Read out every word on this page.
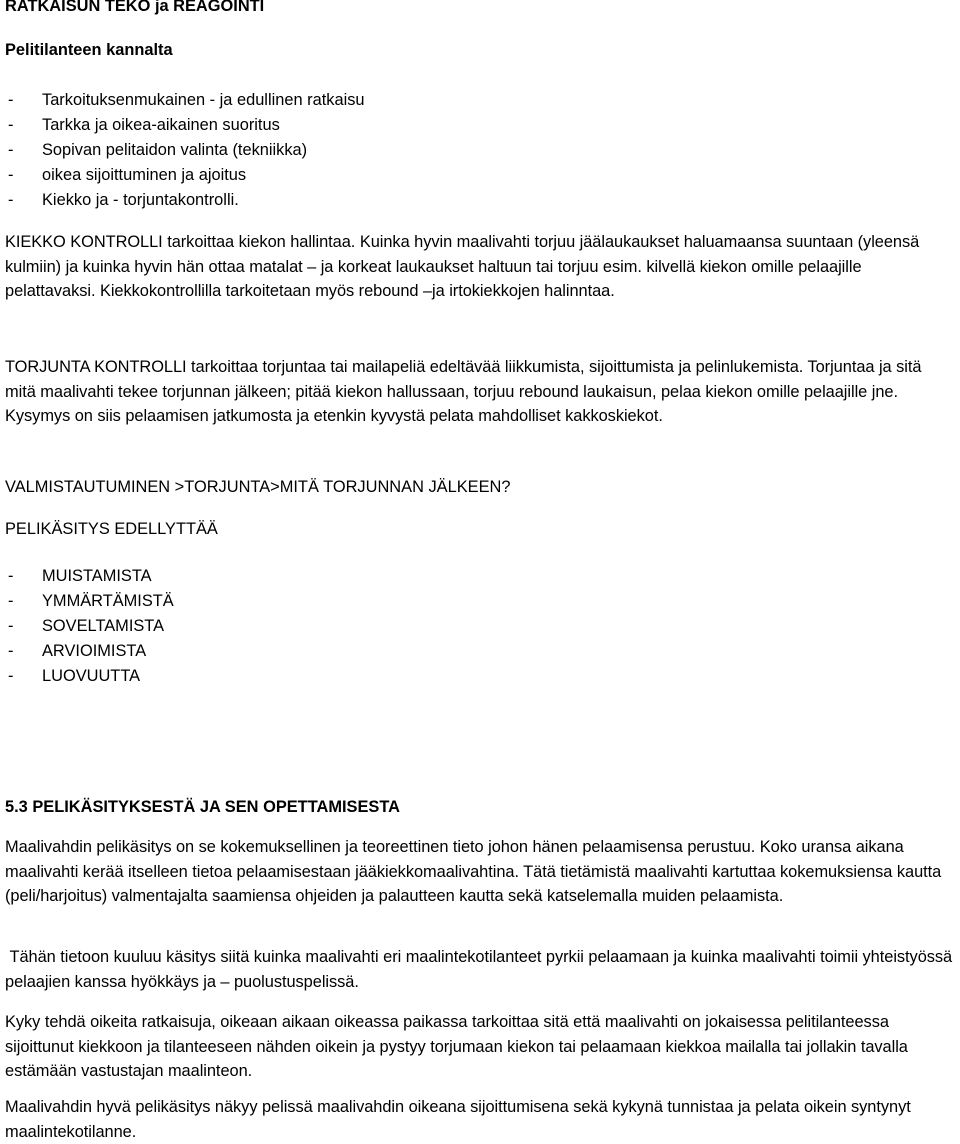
RATKAISUN TEKO ja REAGOINTI
Pelitilanteen kannalta
- Tarkoituksenmukainen - ja edullinen ratkaisu
- Tarkka ja oikea-aikainen suoritus
- Sopivan pelitaidon valinta (tekniikka)
- oikea sijoittuminen ja ajoitus
- Kiekko ja - torjuntakontrolli.

KIEKKO KONTROLLI tarkoittaa kiekon hallintaa. Kuinka hyvin maalivahti torjuu jäälaukaukset haluamaansa suuntaan (yleensä kulmiin) ja kuinka hyvin hän ottaa matalat – ja korkeat laukaukset haltuun tai torjuu esim. kilvellä kiekon omille pelaajille pelattavaksi. Kiekkokontrollilla tarkoitetaan myös rebound –ja irtokiekkojen halinntaa.

TORJUNTA KONTROLLI tarkoittaa torjuntaa tai mailapeliä edeltävää liikkumista, sijoittumista ja pelinlukemista. Torjuntaa ja sitä mitä maalivahti tekee torjunnan jälkeen; pitää kiekon hallussaan, torjuu rebound laukaisun, pelaa kiekon omille pelaajille jne. Kysymys on siis pelaamisen jatkumosta ja etenkin kyvystä pelata mahdolliset kakkoskiekot.

VALMISTAUTUMINEN >TORJUNTA>MITÄ TORJUNNAN JÄLKEEN?
PELIKÄSITYS EDELLYTTÄÄ
- MUISTAMISTA
- YMMÄRTÄMISTÄ
- SOVELTAMISTA
- ARVIOIMISTA
- LUOVUUTTA
5.3 PELIKÄSITYKSESTÄ JA SEN OPETTAMISESTA

Maalivahdin pelikäsitys on se kokemuksellinen ja teoreettinen tieto johon hänen pelaamisensa perustuu. Koko uransa aikana maalivahti kerää itselleen tietoa pelaamisestaan jääkiekkomaalivahtina. Tätä tietämistä maalivahti kartuttaa kokemuksiensa kautta (peli/harjoitus) valmentajalta saamiensa ohjeiden ja palautteen kautta sekä katselemalla muiden pelaamista.

Tähän tietoon kuuluu käsitys siitä kuinka maalivahti eri maalintekotilanteet pyrkii pelaamaan ja kuinka maalivahti toimii yhteistyössä pelaajien kanssa hyökkäys ja – puolustuspelissä.

Kyky tehdä oikeita ratkaisuja, oikeaan aikaan oikeassa paikassa tarkoittaa sitä että maalivahti on jokaisessa pelitilanteessa sijoittunut kiekkoon ja tilanteeseen nähden oikein ja pystyy torjumaan kiekon tai pelaamaan kiekkoa mailalla tai jollakin tavalla estämään vastustajan maalinteon.

Maalivahdin hyvä pelikäsitys näkyy pelissä maalivahdin oikeana sijoittumisena sekä kykynä tunnistaa ja pelata oikein syntynyt maalintekotilanne.
